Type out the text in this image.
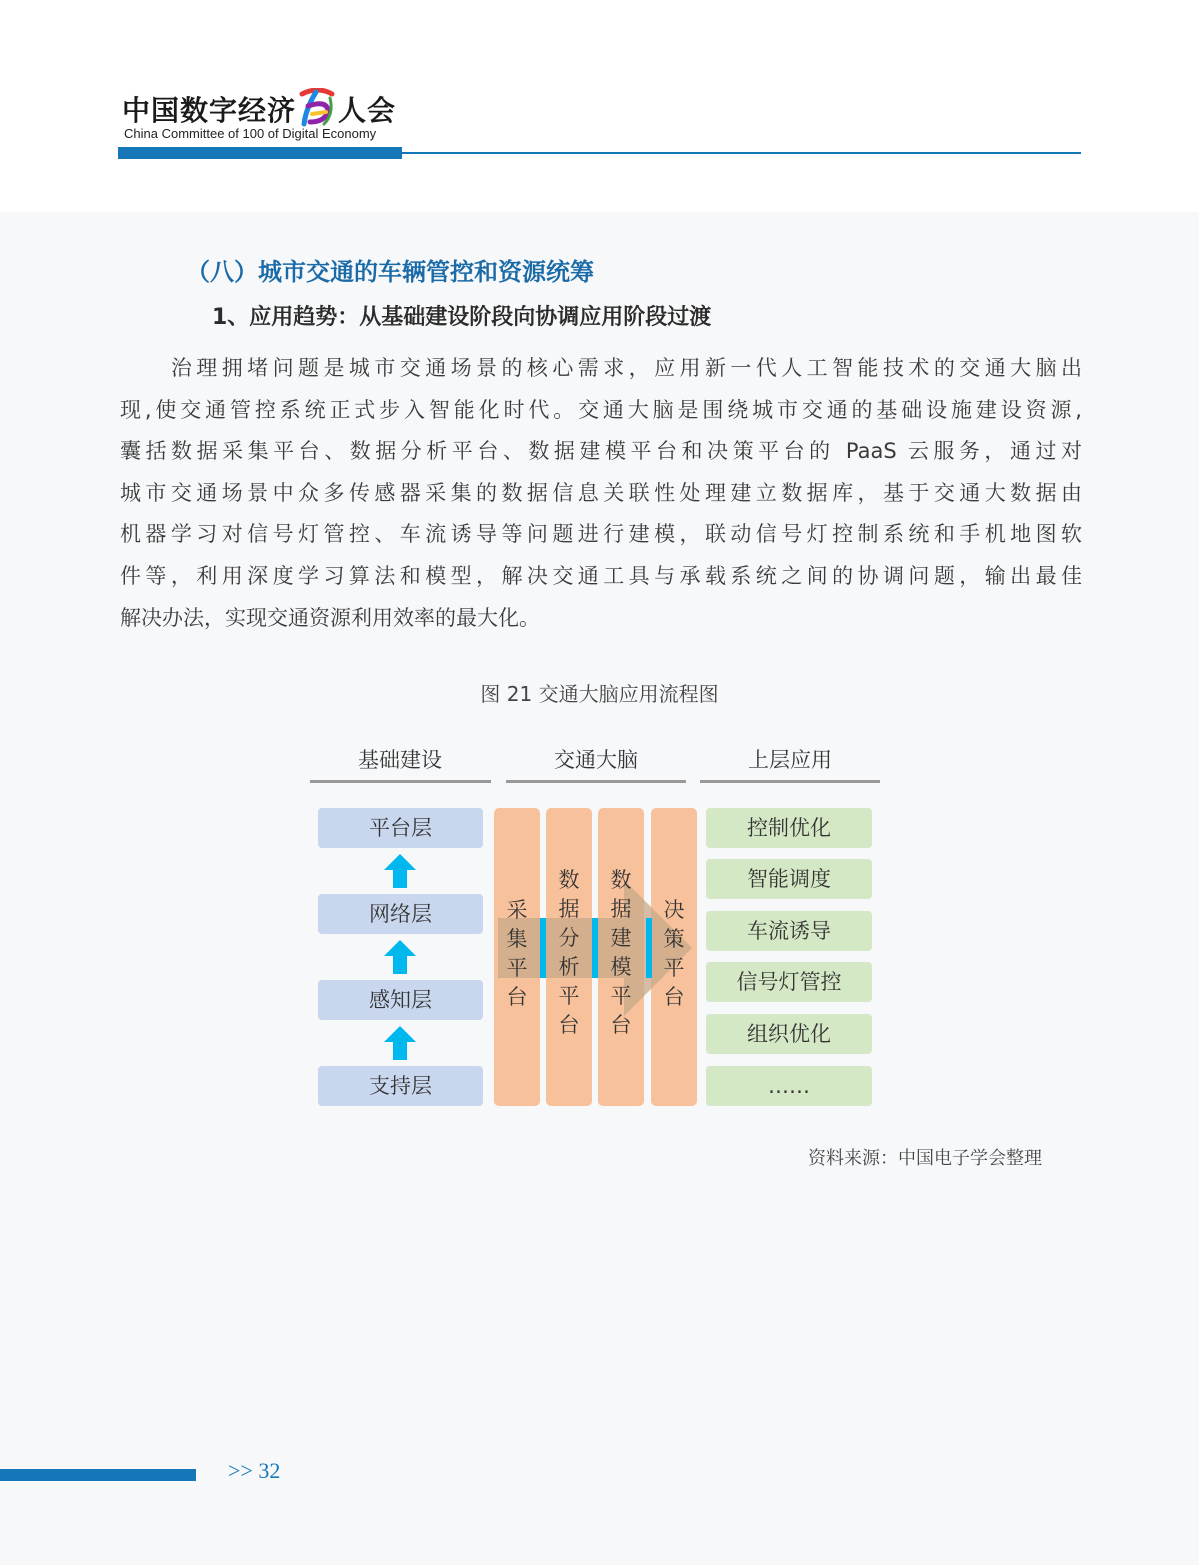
中国数字经济 人会
China Committee of 100 of Digital Economy
（八）城市交通的车辆管控和资源统筹
1、应用趋势：从基础建设阶段向协调应用阶段过渡
　　治理拥堵问题是城市交通场景的核心需求，应用新一代人工智能技术的交通大脑出
现,使交通管控系统正式步入智能化时代。交通大脑是围绕城市交通的基础设施建设资源,
囊括数据采集平台、数据分析平台、数据建模平台和决策平台的 PaaS 云服务，通过对
城市交通场景中众多传感器采集的数据信息关联性处理建立数据库，基于交通大数据由
机器学习对信号灯管控、车流诱导等问题进行建模，联动信号灯控制系统和手机地图软
件等，利用深度学习算法和模型，解决交通工具与承载系统之间的协调问题，输出最佳
解决办法，实现交通资源利用效率的最大化。
图 21 交通大脑应用流程图
基础建设	交通大脑	上层应用
平台层
网络层
感知层
支持层
采
集
平
台
数
据
分
析
平
台
数
据
建
模
平
台
决
策
平
台
控制优化
智能调度
车流诱导
信号灯管控
组织优化
……
资料来源：中国电子学会整理
>> 32
